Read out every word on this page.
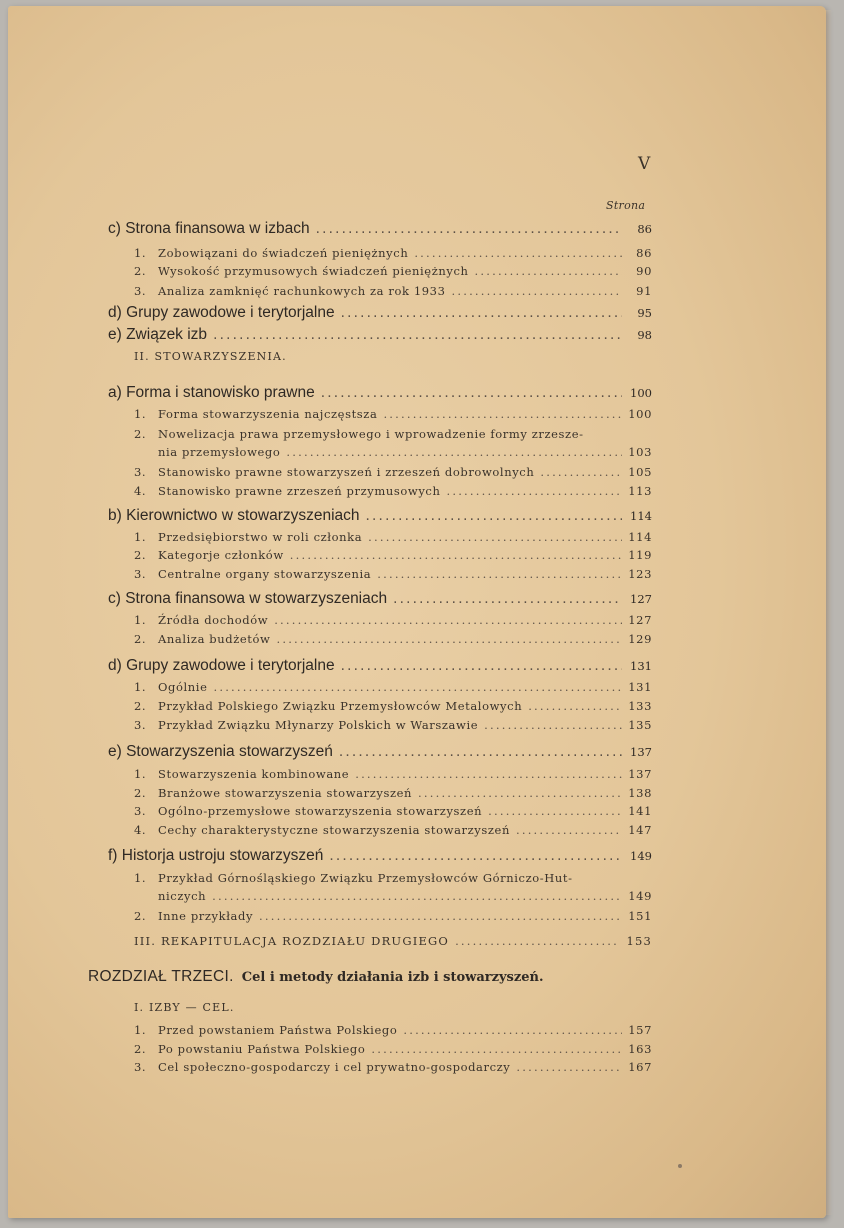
V
Strona
c) Strona finansowa w izbach .....	86
1. Zobowiązani do świadczeń pieniężnych .....	86
2. Wysokość przymusowych świadczeń pieniężnych .....	90
3. Analiza zamknięć rachunkowych za rok 1933 .....	91
d) Grupy zawodowe i terytorjalne .....	95
e) Związek izb .....	98
II. STOWARZYSZENIA.
a) Forma i stanowisko prawne .....	100
1. Forma stowarzyszenia najczęstsza .....	100
2. Nowelizacja prawa przemysłowego i wprowadzenie formy zrzesze-
nia przemysłowego .....	103
3. Stanowisko prawne stowarzyszeń i zrzeszeń dobrowolnych .....	105
4. Stanowisko prawne zrzeszeń przymusowych .....	113
b) Kierownictwo w stowarzyszeniach .....	114
1. Przedsiębiorstwo w roli członka .....	114
2. Kategorje członków .....	119
3. Centralne organy stowarzyszenia .....	123
c) Strona finansowa w stowarzyszeniach .....	127
1. Źródła dochodów .....	127
2. Analiza budżetów .....	129
d) Grupy zawodowe i terytorjalne .....	131
1. Ogólnie .....	131
2. Przykład Polskiego Związku Przemysłowców Metalowych .....	133
3. Przykład Związku Młynarzy Polskich w Warszawie .....	135
e) Stowarzyszenia stowarzyszeń .....	137
1. Stowarzyszenia kombinowane .....	137
2. Branżowe stowarzyszenia stowarzyszeń .....	138
3. Ogólno-przemysłowe stowarzyszenia stowarzyszeń .....	141
4. Cechy charakterystyczne stowarzyszenia stowarzyszeń .....	147
f) Historja ustroju stowarzyszeń .....	149
1. Przykład Górnośląskiego Związku Przemysłowców Górniczo-Hut-
niczych .....	149
2. Inne przykłady .....	151
III. REKAPITULACJA ROZDZIAŁU DRUGIEGO .....	153
I. IZBY — CEL.
1. Przed powstaniem Państwa Polskiego .....	157
2. Po powstaniu Państwa Polskiego .....	163
3. Cel społeczno-gospodarczy i cel prywatno-gospodarczy .....	167
ROZDZIAŁ TRZECI. Cel i metody działania izb i stowarzyszeń.
